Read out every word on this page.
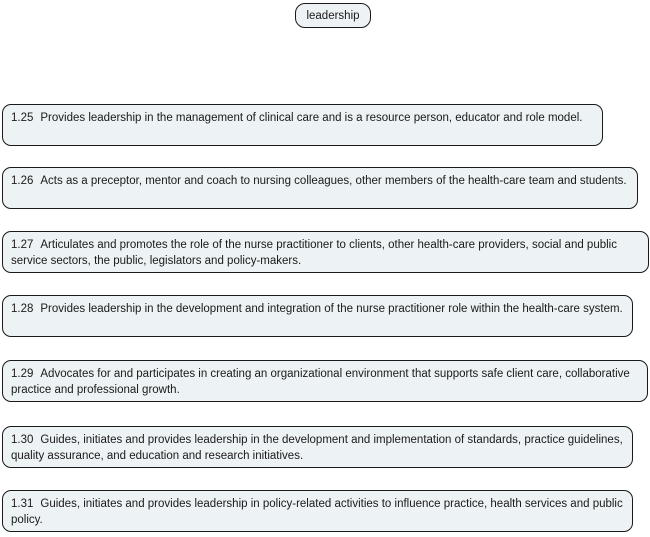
leadership
1.25 Provides leadership in the management of clinical care and is a resource person, educator and role model.
1.26 Acts as a preceptor, mentor and coach to nursing colleagues, other members of the health-care team and students.
1.27 Articulates and promotes the role of the nurse practitioner to clients, other health-care providers, social and public service sectors, the public, legislators and policy-makers.
1.28 Provides leadership in the development and integration of the nurse practitioner role within the health-care system.
1.29 Advocates for and participates in creating an organizational environment that supports safe client care, collaborative practice and professional growth.
1.30 Guides, initiates and provides leadership in the development and implementation of standards, practice guidelines, quality assurance, and education and research initiatives.
1.31 Guides, initiates and provides leadership in policy-related activities to influence practice, health services and public policy.
